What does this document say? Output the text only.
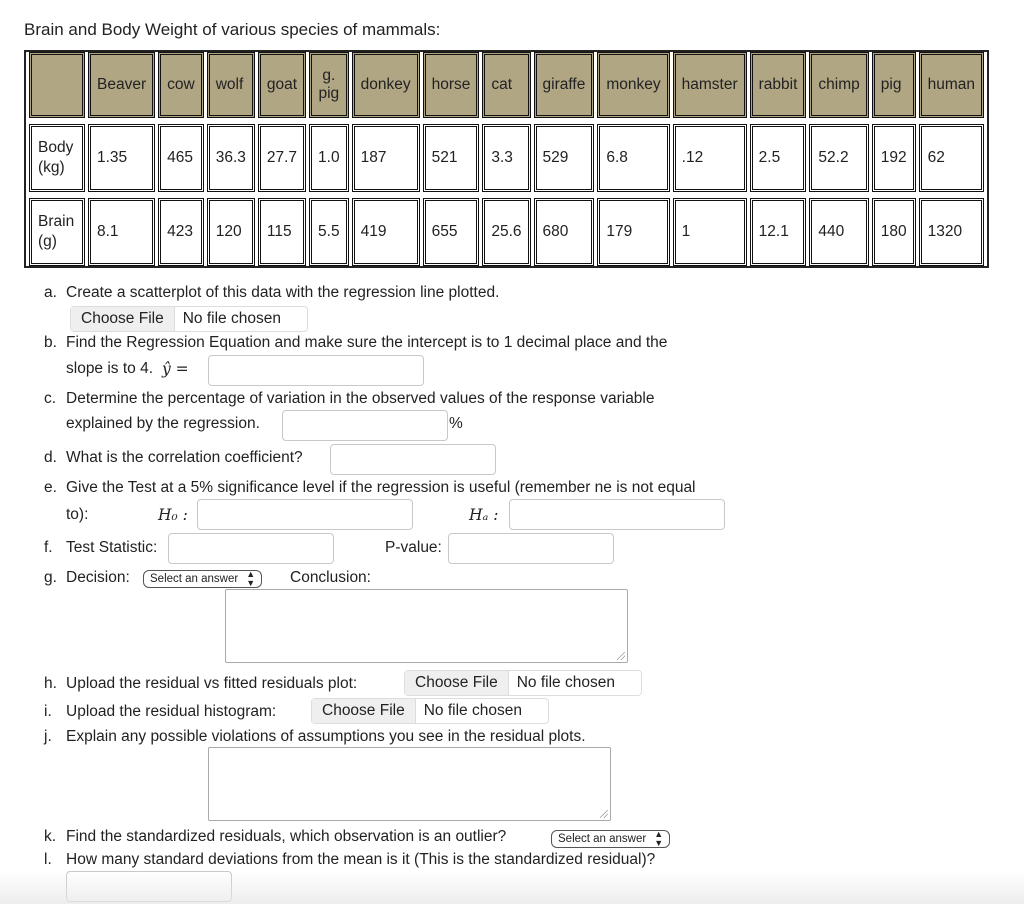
Brain and Body Weight of various species of mammals:
	Beaver	cow	wolf	goat	g. pig	donkey	horse	cat	giraffe	monkey	hamster	rabbit	chimp	pig	human

Body (kg)	1.35	465	36.3	27.7	1.0	187	521	3.3	529	6.8	.12	2.5	52.2	192	62

Brain (g)	8.1	423	120	115	5.5	419	655	25.6	680	179	1	12.1	440	180	1320
a. Create a scatterplot of this data with the regression line plotted.
Choose File	No file chosen
b. Find the Regression Equation and make sure the intercept is to 1 decimal place and the
slope is to 4. ŷ =
c. Determine the percentage of variation in the observed values of the response variable
explained by the regression.	%
d. What is the correlation coefficient?
e. Give the Test at a 5% significance level if the regression is useful (remember ne is not equal
to):	H₀ :	Hₐ :
f. Test Statistic:	P-value:
g. Decision: Select an answer ▲
▼ Conclusion:
h. Upload the residual vs fitted residuals plot:	Choose File	No file chosen
i. Upload the residual histogram:	Choose File	No file chosen
j. Explain any possible violations of assumptions you see in the residual plots.
k. Find the standardized residuals, which observation is an outlier?	Select an answer ▲
▼
l. How many standard deviations from the mean is it (This is the standardized residual)?
